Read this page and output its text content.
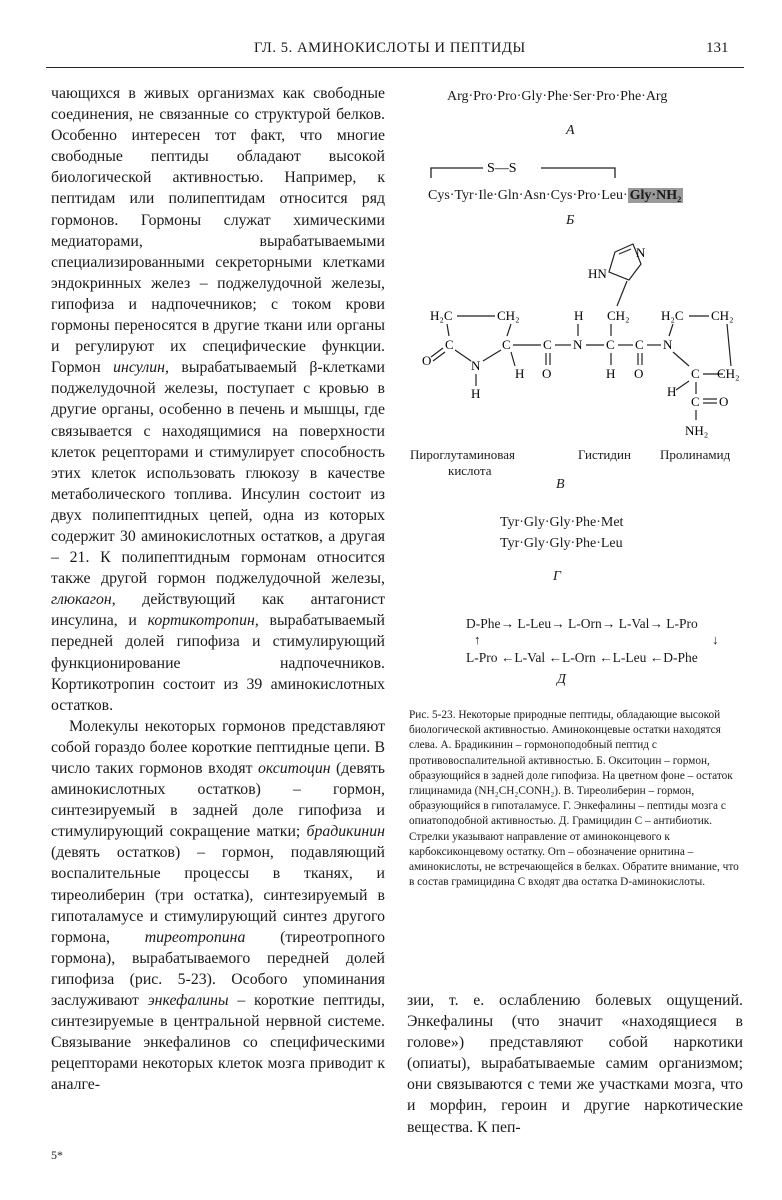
ГЛ. 5. АМИНОКИСЛОТЫ И ПЕПТИДЫ	131

чающихся в живых организмах как свободные соединения, не связанные со структурой белков. Особенно интересен тот факт, что многие свободные пептиды обладают высокой биологической активностью. Например, к пептидам или полипептидам относится ряд гормонов. Гормоны служат химическими медиаторами, вырабатываемыми специализированными секреторными клетками эндокринных желез – поджелудочной железы, гипофиза и надпочечников; с током крови гормоны переносятся в другие ткани или органы и регулируют их специфические функции. Гормон инсулин, вырабатываемый β-клетками поджелудочной железы, поступает с кровью в другие органы, особенно в печень и мышцы, где связывается с находящимися на поверхности клеток рецепторами и стимулирует способность этих клеток использовать глюкозу в качестве метаболического топлива. Инсулин состоит из двух полипептидных цепей, одна из которых содержит 30 аминокислотных остатков, а другая – 21. К полипептидным гормонам относится также другой гормон поджелудочной железы, глюкагон, действующий как антагонист инсулина, и кортикотропин, вырабатываемый передней долей гипофиза и стимулирующий функционирование надпочечников. Кортикотропин состоит из 39 аминокислотных остатков.

Молекулы некоторых гормонов представляют собой гораздо более короткие пептидные цепи. В число таких гормонов входят окситоцин (девять аминокислотных остатков) – гормон, синтезируемый в задней доле гипофиза и стимулирующий сокращение матки; брадикинин (девять остатков) – гормон, подавляющий воспалительные процессы в тканях, и тиреолиберин (три остатка), синтезируемый в гипоталамусе и стимулирующий синтез другого гормона, тиреотропина (тиреотропного гормона), вырабатываемого передней долей гипофиза (рис. 5-23). Особого упоминания заслуживают энкефалины – короткие пептиды, синтезируемые в центральной нервной системе. Связывание энкефалинов со специфическими рецепторами некоторых клеток мозга приводит к аналге-

Arg·Pro·Pro·Gly·Phe·Ser·Pro·Phe·Arg
А
S—S
Cys·Tyr·Ile·Gln·Asn·Cys·Pro·Leu· Gly·NH₂
Б
N
HN
H₂C	CH₂
C	C
O	N
H
H
C
O
N
H
C
CH₂
H
C
O
N
H₂C CH₂
C CH₂
H
C O
NH₂
Пироглутаминовая
кислота
Гистидин Пролинамид
В
Tyr·Gly·Gly·Phe·Met
Tyr·Gly·Gly·Phe·Leu
Г
D-Phe→ L-Leu→ L-Orn→ L-Val→ L-Pro
↑	↓
L-Pro ←L-Val ←L-Orn ←L-Leu ←D-Phe
Д
Рис. 5-23. Некоторые природные пептиды, обладающие высокой биологической активностью. Аминоконцевые остатки находятся слева. А. Брадикинин – гормоноподобный пептид с противовоспалительной активностью. Б. Окситоцин – гормон, образующийся в задней доле гипофиза. На цветном фоне – остаток глицинамида (NH₂CH₂CONH₂). В. Тиреолиберин – гормон, образующийся в гипоталамусе. Г. Энкефалины – пептиды мозга с опиатоподобной активностью. Д. Грамицидин С – антибиотик. Стрелки указывают направление от аминоконцевого к карбоксиконцевому остатку. Orn – обозначение орнитина – аминокислоты, не встречающейся в белках. Обратите внимание, что в состав грамицидина С входят два остатка D-аминокислоты.

зии, т. е. ослаблению болевых ощущений. Энкефалины (что значит «находящиеся в голове») представляют собой наркотики (опиаты), вырабатываемые самим организмом; они связываются с теми же участками мозга, что и морфин, героин и другие наркотические вещества. К пеп-

5*
